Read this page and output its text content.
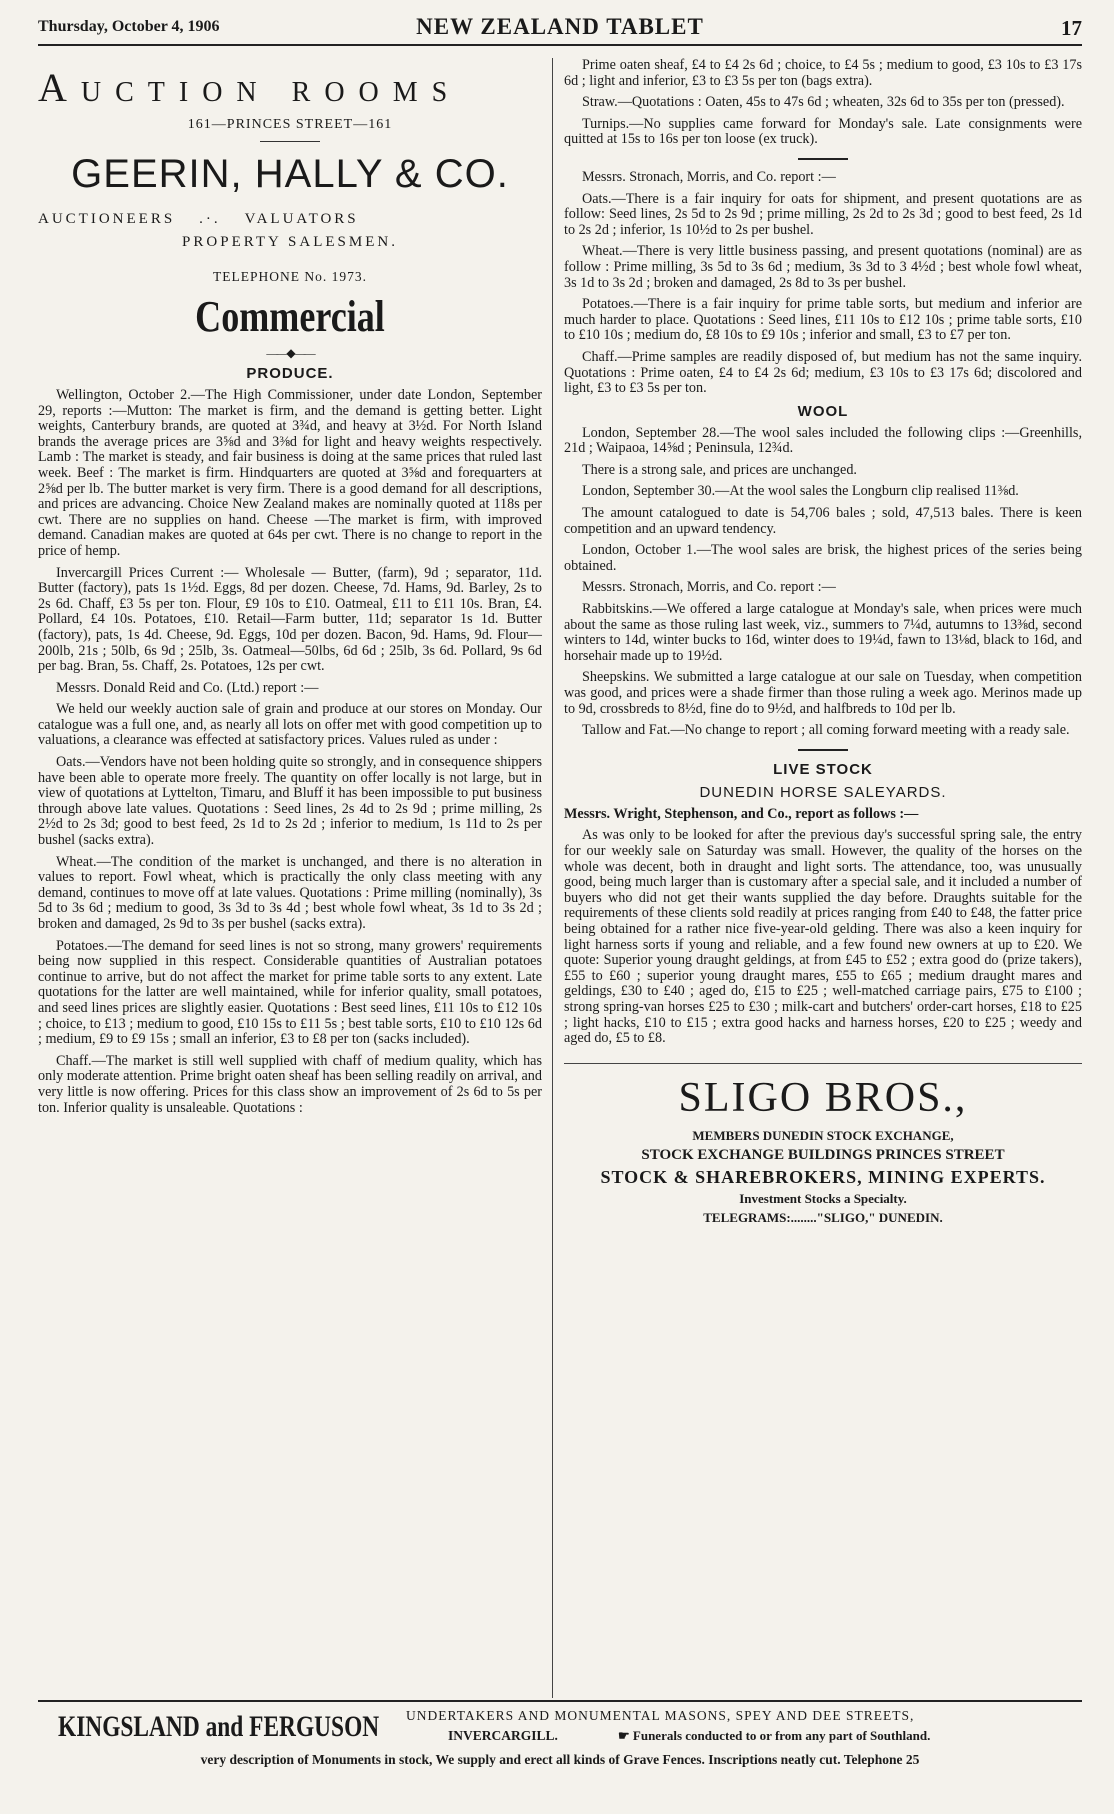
Thursday, October 4, 1906	NEW ZEALAND TABLET	17
AUCTION ROOMS
161—PRINCES STREET—161
GEERIN, HALLY & CO.
AUCTIONEERS .·. VALUATORS
PROPERTY SALESMEN.
TELEPHONE No. 1973.
Commercial
——◆——
PRODUCE.

Wellington, October 2.—The High Commissioner, under date London, September 29, reports :—Mutton: The market is firm, and the demand is getting better. Light weights, Canterbury brands, are quoted at 3¾d, and heavy at 3½d. For North Island brands the average prices are 3⅝d and 3⅜d for light and heavy weights respectively. Lamb : The market is steady, and fair business is doing at the same prices that ruled last week. Beef : The market is firm. Hindquarters are quoted at 3⅝d and forequarters at 2⅝d per lb. The butter market is very firm. There is a good demand for all descriptions, and prices are advancing. Choice New Zealand makes are nominally quoted at 118s per cwt. There are no supplies on hand. Cheese —The market is firm, with improved demand. Canadian makes are quoted at 64s per cwt. There is no change to report in the price of hemp.

Invercargill Prices Current :— Wholesale — Butter, (farm), 9d ; separator, 11d. Butter (factory), pats 1s 1½d. Eggs, 8d per dozen. Cheese, 7d. Hams, 9d. Barley, 2s to 2s 6d. Chaff, £3 5s per ton. Flour, £9 10s to £10. Oatmeal, £11 to £11 10s. Bran, £4. Pollard, £4 10s. Potatoes, £10. Retail—Farm butter, 11d; separator 1s 1d. Butter (factory), pats, 1s 4d. Cheese, 9d. Eggs, 10d per dozen. Bacon, 9d. Hams, 9d. Flour—200lb, 21s ; 50lb, 6s 9d ; 25lb, 3s. Oatmeal—50lbs, 6d 6d ; 25lb, 3s 6d. Pollard, 9s 6d per bag. Bran, 5s. Chaff, 2s. Potatoes, 12s per cwt.

Messrs. Donald Reid and Co. (Ltd.) report :—

We held our weekly auction sale of grain and produce at our stores on Monday. Our catalogue was a full one, and, as nearly all lots on offer met with good competition up to valuations, a clearance was effected at satisfactory prices. Values ruled as under :

Oats.—Vendors have not been holding quite so strongly, and in consequence shippers have been able to operate more freely. The quantity on offer locally is not large, but in view of quotations at Lyttelton, Timaru, and Bluff it has been impossible to put business through above late values. Quotations : Seed lines, 2s 4d to 2s 9d ; prime milling, 2s 2½d to 2s 3d; good to best feed, 2s 1d to 2s 2d ; inferior to medium, 1s 11d to 2s per bushel (sacks extra).

Wheat.—The condition of the market is unchanged, and there is no alteration in values to report. Fowl wheat, which is practically the only class meeting with any demand, continues to move off at late values. Quotations : Prime milling (nominally), 3s 5d to 3s 6d ; medium to good, 3s 3d to 3s 4d ; best whole fowl wheat, 3s 1d to 3s 2d ; broken and damaged, 2s 9d to 3s per bushel (sacks extra).

Potatoes.—The demand for seed lines is not so strong, many growers' requirements being now supplied in this respect. Considerable quantities of Australian potatoes continue to arrive, but do not affect the market for prime table sorts to any extent. Late quotations for the latter are well maintained, while for inferior quality, small potatoes, and seed lines prices are slightly easier. Quotations : Best seed lines, £11 10s to £12 10s ; choice, to £13 ; medium to good, £10 15s to £11 5s ; best table sorts, £10 to £10 12s 6d ; medium, £9 to £9 15s ; small an inferior, £3 to £8 per ton (sacks included).

Chaff.—The market is still well supplied with chaff of medium quality, which has only moderate attention. Prime bright oaten sheaf has been selling readily on arrival, and very little is now offering. Prices for this class show an improvement of 2s 6d to 5s per ton. Inferior quality is unsaleable. Quotations :

Prime oaten sheaf, £4 to £4 2s 6d ; choice, to £4 5s ; medium to good, £3 10s to £3 17s 6d ; light and inferior, £3 to £3 5s per ton (bags extra).

Straw.—Quotations : Oaten, 45s to 47s 6d ; wheaten, 32s 6d to 35s per ton (pressed).

Turnips.—No supplies came forward for Monday's sale. Late consignments were quitted at 15s to 16s per ton loose (ex truck).

Messrs. Stronach, Morris, and Co. report :—

Oats.—There is a fair inquiry for oats for shipment, and present quotations are as follow: Seed lines, 2s 5d to 2s 9d ; prime milling, 2s 2d to 2s 3d ; good to best feed, 2s 1d to 2s 2d ; inferior, 1s 10½d to 2s per bushel.

Wheat.—There is very little business passing, and present quotations (nominal) are as follow : Prime milling, 3s 5d to 3s 6d ; medium, 3s 3d to 3 4½d ; best whole fowl wheat, 3s 1d to 3s 2d ; broken and damaged, 2s 8d to 3s per bushel.

Potatoes.—There is a fair inquiry for prime table sorts, but medium and inferior are much harder to place. Quotations : Seed lines, £11 10s to £12 10s ; prime table sorts, £10 to £10 10s ; medium do, £8 10s to £9 10s ; inferior and small, £3 to £7 per ton.

Chaff.—Prime samples are readily disposed of, but medium has not the same inquiry. Quotations : Prime oaten, £4 to £4 2s 6d; medium, £3 10s to £3 17s 6d; discolored and light, £3 to £3 5s per ton.

WOOL

London, September 28.—The wool sales included the following clips :—Greenhills, 21d ; Waipaoa, 14⅝d ; Peninsula, 12¾d.

There is a strong sale, and prices are unchanged.

London, September 30.—At the wool sales the Longburn clip realised 11⅜d.

The amount catalogued to date is 54,706 bales ; sold, 47,513 bales. There is keen competition and an upward tendency.

London, October 1.—The wool sales are brisk, the highest prices of the series being obtained.

Messrs. Stronach, Morris, and Co. report :—

Rabbitskins.—We offered a large catalogue at Monday's sale, when prices were much about the same as those ruling last week, viz., summers to 7¼d, autumns to 13⅜d, second winters to 14d, winter bucks to 16d, winter does to 19¼d, fawn to 13⅛d, black to 16d, and horsehair made up to 19½d.

Sheepskins. We submitted a large catalogue at our sale on Tuesday, when competition was good, and prices were a shade firmer than those ruling a week ago. Merinos made up to 9d, crossbreds to 8½d, fine do to 9½d, and halfbreds to 10d per lb.

Tallow and Fat.—No change to report ; all coming forward meeting with a ready sale.

LIVE STOCK
DUNEDIN HORSE SALEYARDS.

Messrs. Wright, Stephenson, and Co., report as follows :—

As was only to be looked for after the previous day's successful spring sale, the entry for our weekly sale on Saturday was small. However, the quality of the horses on the whole was decent, both in draught and light sorts. The attendance, too, was unusually good, being much larger than is customary after a special sale, and it included a number of buyers who did not get their wants supplied the day before. Draughts suitable for the requirements of these clients sold readily at prices ranging from £40 to £48, the fatter price being obtained for a rather nice five-year-old gelding. There was also a keen inquiry for light harness sorts if young and reliable, and a few found new owners at up to £20. We quote: Superior young draught geldings, at from £45 to £52 ; extra good do (prize takers), £55 to £60 ; superior young draught mares, £55 to £65 ; medium draught mares and geldings, £30 to £40 ; aged do, £15 to £25 ; well-matched carriage pairs, £75 to £100 ; strong spring-van horses £25 to £30 ; milk-cart and butchers' order-cart horses, £18 to £25 ; light hacks, £10 to £15 ; extra good hacks and harness horses, £20 to £25 ; weedy and aged do, £5 to £8.

SLIGO BROS.,
MEMBERS DUNEDIN STOCK EXCHANGE,
STOCK EXCHANGE BUILDINGS PRINCES STREET
STOCK & SHAREBROKERS, MINING EXPERTS.
Investment Stocks a Specialty.
TELEGRAMS:........"SLIGO," DUNEDIN.
KINGSLAND and FERGUSON UNDERTAKERS AND MONUMENTAL MASONS, SPEY AND DEE STREETS,
INVERCARGILL.	☛ Funerals conducted to or from any part of Southland.
very description of Monuments in stock, We supply and erect all kinds of Grave Fences. Inscriptions neatly cut. Telephone 25
